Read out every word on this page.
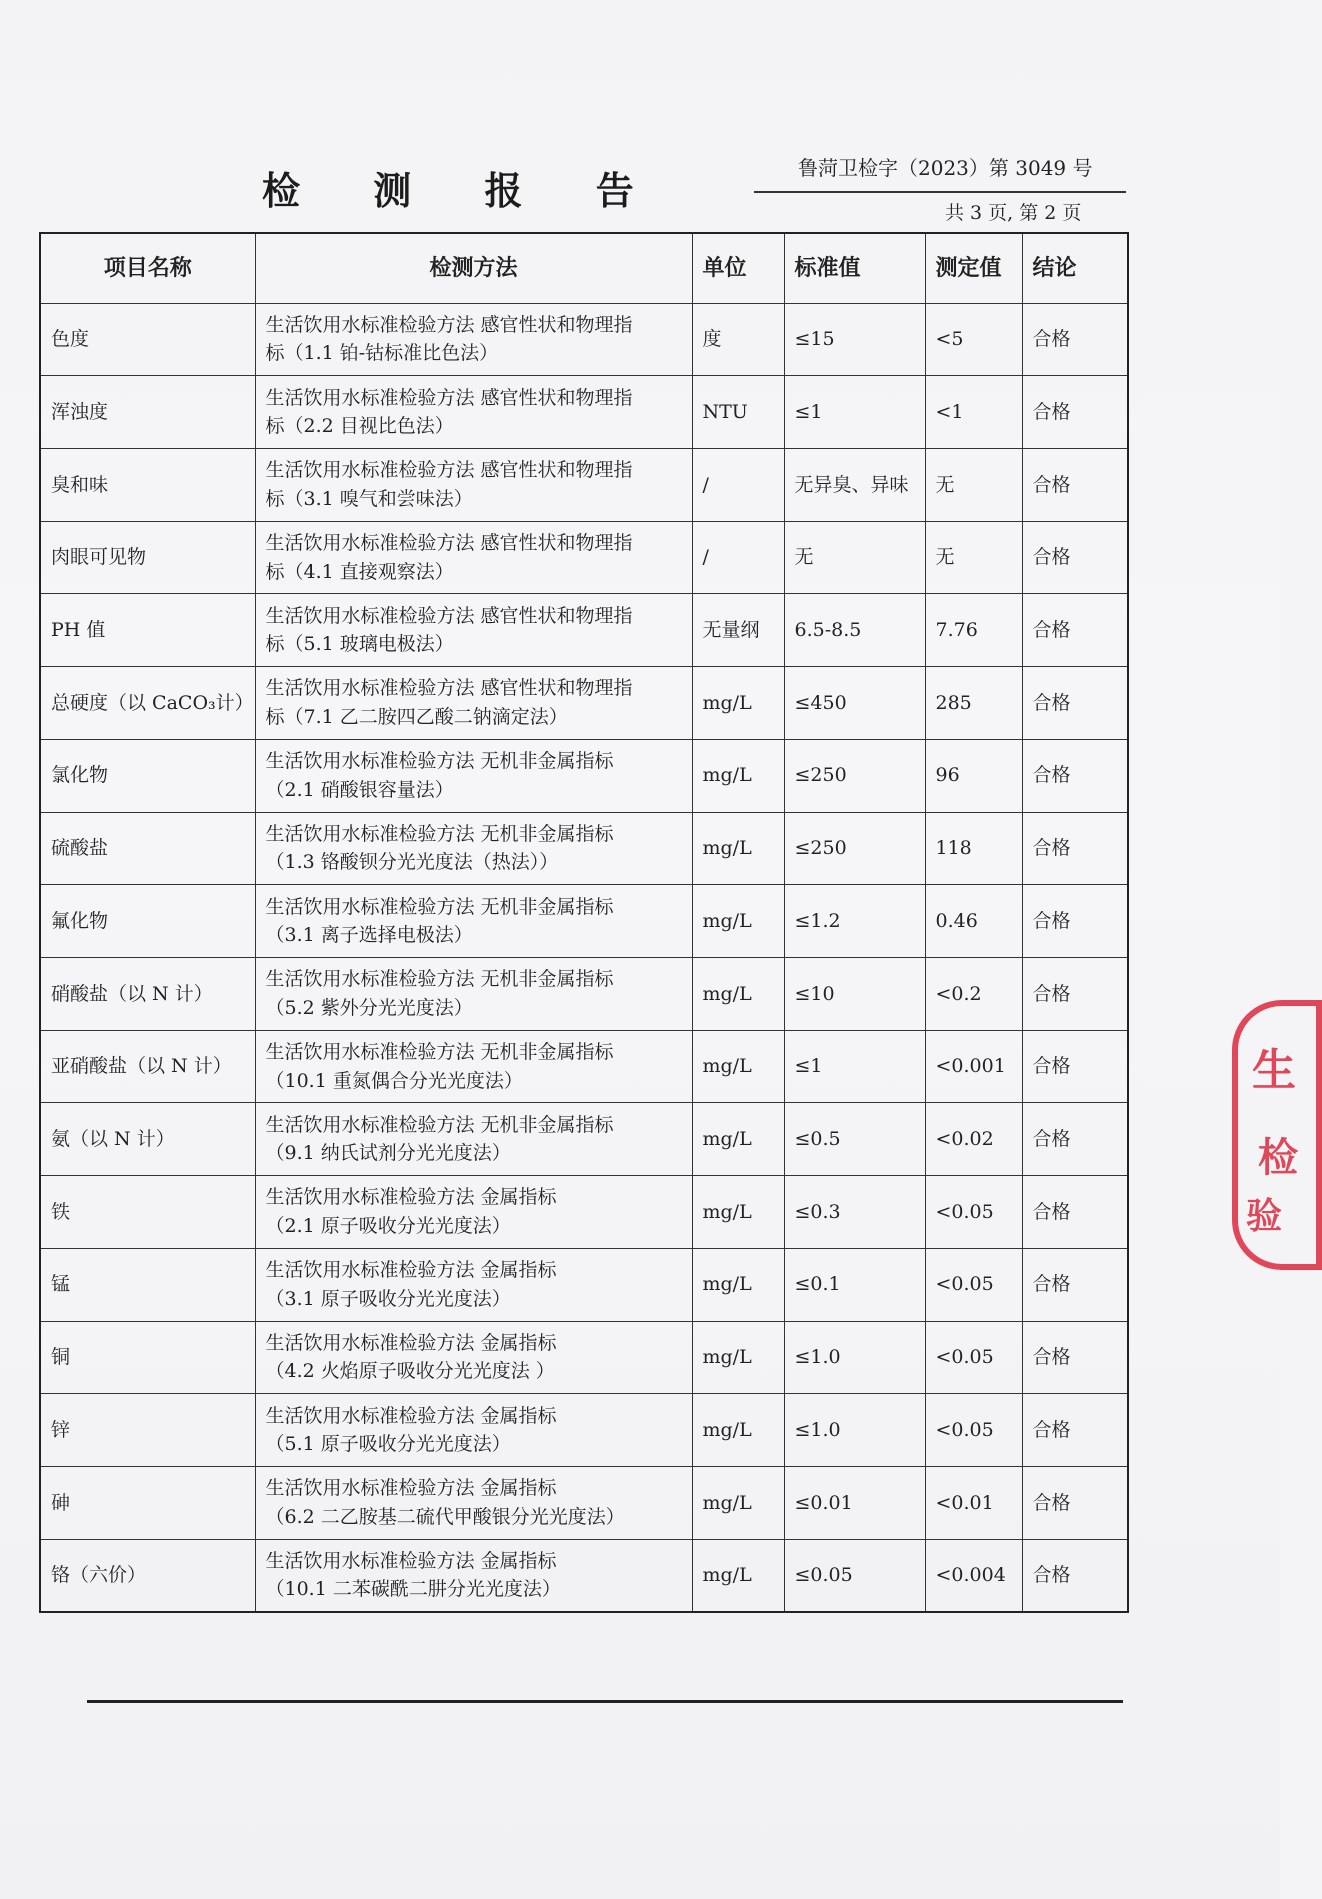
检 测 报 告	鲁菏卫检字（2023）第 3049 号
共 3 页, 第 2 页
项目名称	检测方法	单位	标准值	测定值	结论
色度	生活饮用水标准检验方法 感官性状和物理指
标（1.1 铂-钴标准比色法）	度	≤15	<5	合格
浑浊度	生活饮用水标准检验方法 感官性状和物理指
标（2.2 目视比色法）	NTU	≤1	<1	合格
臭和味	生活饮用水标准检验方法 感官性状和物理指
标（3.1 嗅气和尝味法）	/	无异臭、异味	无	合格
肉眼可见物	生活饮用水标准检验方法 感官性状和物理指
标（4.1 直接观察法）	/	无	无	合格
PH 值	生活饮用水标准检验方法 感官性状和物理指
标（5.1 玻璃电极法）	无量纲	6.5-8.5	7.76	合格
总硬度（以 CaCO₃计）	生活饮用水标准检验方法 感官性状和物理指
标（7.1 乙二胺四乙酸二钠滴定法）	mg/L	≤450	285	合格
氯化物	生活饮用水标准检验方法 无机非金属指标
（2.1 硝酸银容量法）	mg/L	≤250	96	合格
硫酸盐	生活饮用水标准检验方法 无机非金属指标
（1.3 铬酸钡分光光度法（热法））	mg/L	≤250	118	合格
氟化物	生活饮用水标准检验方法 无机非金属指标
（3.1 离子选择电极法）	mg/L	≤1.2	0.46	合格
硝酸盐（以 N 计）	生活饮用水标准检验方法 无机非金属指标
（5.2 紫外分光光度法）	mg/L	≤10	<0.2	合格
亚硝酸盐（以 N 计）	生活饮用水标准检验方法 无机非金属指标
（10.1 重氮偶合分光光度法）	mg/L	≤1	<0.001	合格
氨（以 N 计）	生活饮用水标准检验方法 无机非金属指标
（9.1 纳氏试剂分光光度法）	mg/L	≤0.5	<0.02	合格
铁	生活饮用水标准检验方法 金属指标
（2.1 原子吸收分光光度法）	mg/L	≤0.3	<0.05	合格
锰	生活饮用水标准检验方法 金属指标
（3.1 原子吸收分光光度法）	mg/L	≤0.1	<0.05	合格
铜	生活饮用水标准检验方法 金属指标
（4.2 火焰原子吸收分光光度法 ）	mg/L	≤1.0	<0.05	合格
锌	生活饮用水标准检验方法 金属指标
（5.1 原子吸收分光光度法）	mg/L	≤1.0	<0.05	合格
砷	生活饮用水标准检验方法 金属指标
（6.2 二乙胺基二硫代甲酸银分光光度法）	mg/L	≤0.01	<0.01	合格
铬（六价）	生活饮用水标准检验方法 金属指标
（10.1 二苯碳酰二肼分光光度法）	mg/L	≤0.05	<0.004	合格
生
检
验
